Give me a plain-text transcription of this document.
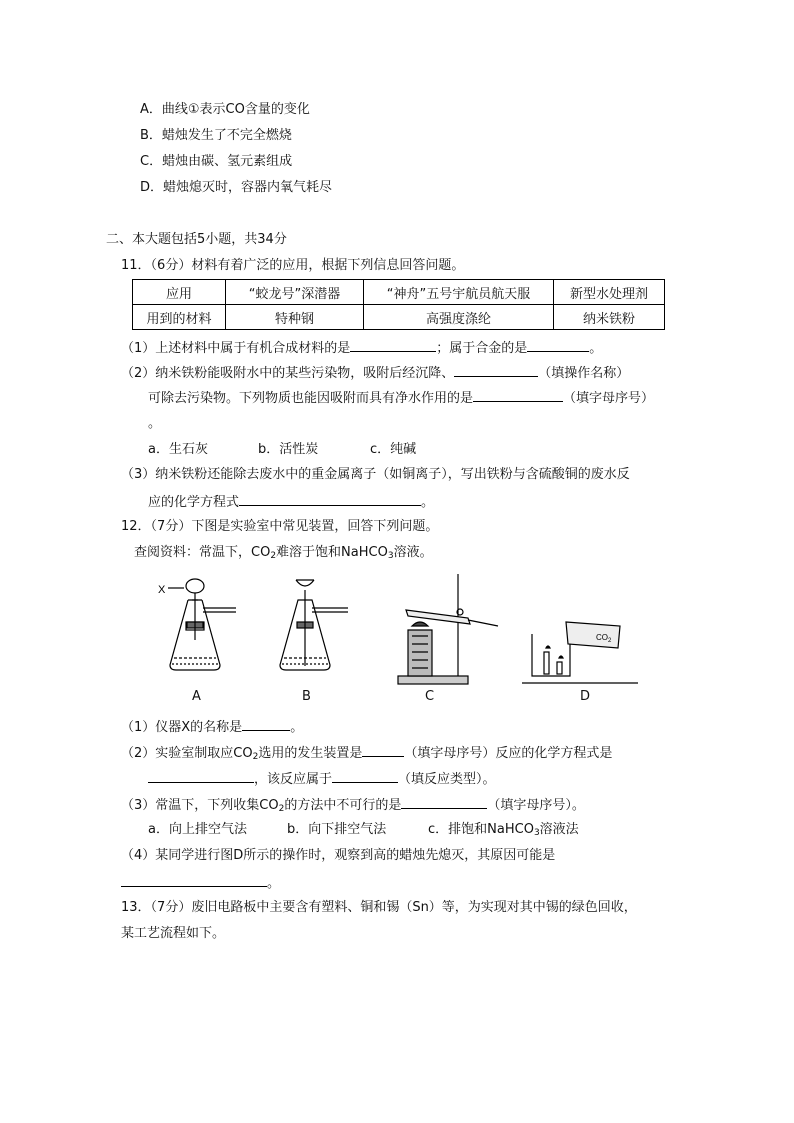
A．曲线①表示CO含量的变化
B．蜡烛发生了不完全燃烧
C．蜡烛由碳、氢元素组成
D．蜡烛熄灭时，容器内氧气耗尽
二、本大题包括5小题，共34分
11．（6分）材料有着广泛的应用，根据下列信息回答问题。
应用	“蛟龙号”深潜器	“神舟”五号宇航员航天服	新型水处理剂
用到的材料	特种钢	高强度涤纶	纳米铁粉
（1）上述材料中属于有机合成材料的是	；属于合金的是	。
（2）纳米铁粉能吸附水中的某些污染物，吸附后经沉降、	（填操作名称）
可除去污染物。下列物质也能因吸附而具有净水作用的是	（填字母序号）
。
a．生石灰	b．活性炭	c．纯碱
（3）纳米铁粉还能除去废水中的重金属离子（如铜离子），写出铁粉与含硫酸铜的废水反
应的化学方程式	。
12．（7分）下图是实验室中常见装置，回答下列问题。
查阅资料：常温下，$CO_2$难溶于饱和NaHCO$_3$溶液。
X
$CO_2$
A	B	C	D
（1）仪器X的名称是	。
（2）实验室制取应$CO_2$选用的发生装置是	（填字母序号）反应的化学方程式是
，该反应属于	（填反应类型）。
（3）常温下，下列收集$CO_2$的方法中不可行的是	（填字母序号）。
a．向上排空气法	b．向下排空气法	c．排饱和NaHCO$_3$溶液法
（4）某同学进行图D所示的操作时，观察到高的蜡烛先熄灭，其原因可能是
。
13．（7分）废旧电路板中主要含有塑料、铜和锡（Sn）等，为实现对其中锡的绿色回收，
某工艺流程如下。
